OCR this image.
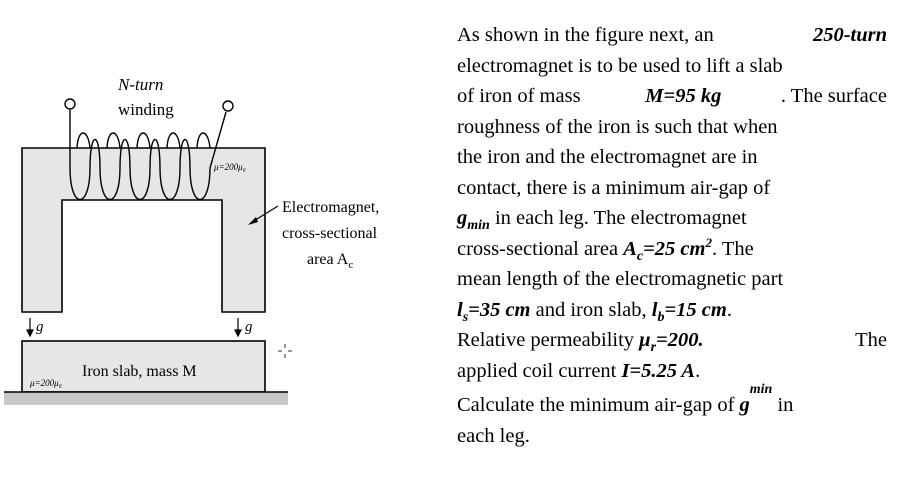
N-turn
winding
μ=200μ₀
Electromagnet,
cross-sectional
area $A_c$
g	g
Iron slab, mass M
μ=200μ₀
As shown in the figure next, an	250-turn
electromagnet is to be used to lift a slab
of iron of mass	M=95 kg	. The surface
roughness of the iron is such that when
the iron and the electromagnet are in
contact, there is a minimum air-gap of
$g_{min}$ in each leg. The electromagnet
cross-sectional area $A_c=25$ $cm^2$. The
mean length of the electromagnetic part
$l_s=35$ cm and iron slab, $l_b=15$ cm.
Relative permeability $\mu_r=200$.	The
applied coil current I=5.25 A .
Calculate the minimum air-gap of g
min
in
each leg.
